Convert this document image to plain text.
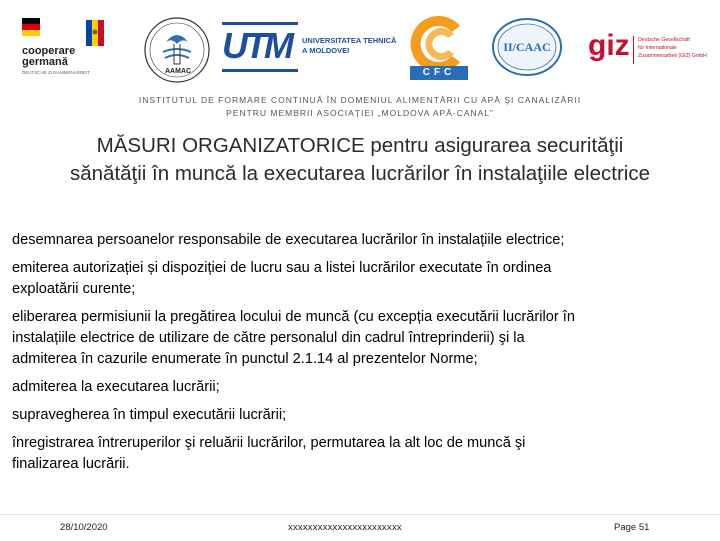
cooperare
germană
DEUTSCHE ZUSAMMENARBEIT	AAMAC
UTM UNIVERSITATEA TEHNICĂ
A MOLDOVEI
CFC
II/CAAC	giz Deutsche Gesellschaft
für Internationale
Zusammenarbeit (GIZ) GmbH
INSTITUTUL DE FORMARE CONTINUĂ ÎN DOMENIUL ALIMENTĂRII CU APĂ ŞI CANALIZĂRII
PENTRU MEMBRII ASOCIAȚIEI „MOLDOVA APĂ-CANAL”
MĂSURI ORGANIZATORICE pentru asigurarea securităţii
sănătăţii în muncă la executarea lucrărilor în instalaţiile electrice
desemnarea persoanelor responsabile de executarea lucrărilor în instalațiile electrice;
emiterea autorizației și dispoziției de lucru sau a listei lucrărilor executate în ordinea
exploatării curente;
eliberarea permisiunii la pregătirea locului de muncă (cu excepția executării lucrărilor în
instalațiile electrice de utilizare de către personalul din cadrul întreprinderii) şi la
admiterea în cazurile enumerate în punctul 2.1.14 al prezentelor Norme;
admiterea la executarea lucrării;
supravegherea în timpul executării lucrării;
înregistrarea întreruperilor şi reluării lucrărilor, permutarea la alt loc de muncă şi
finalizarea lucrării.
28/10/2020	xxxxxxxxxxxxxxxxxxxxxxx	Page 51
